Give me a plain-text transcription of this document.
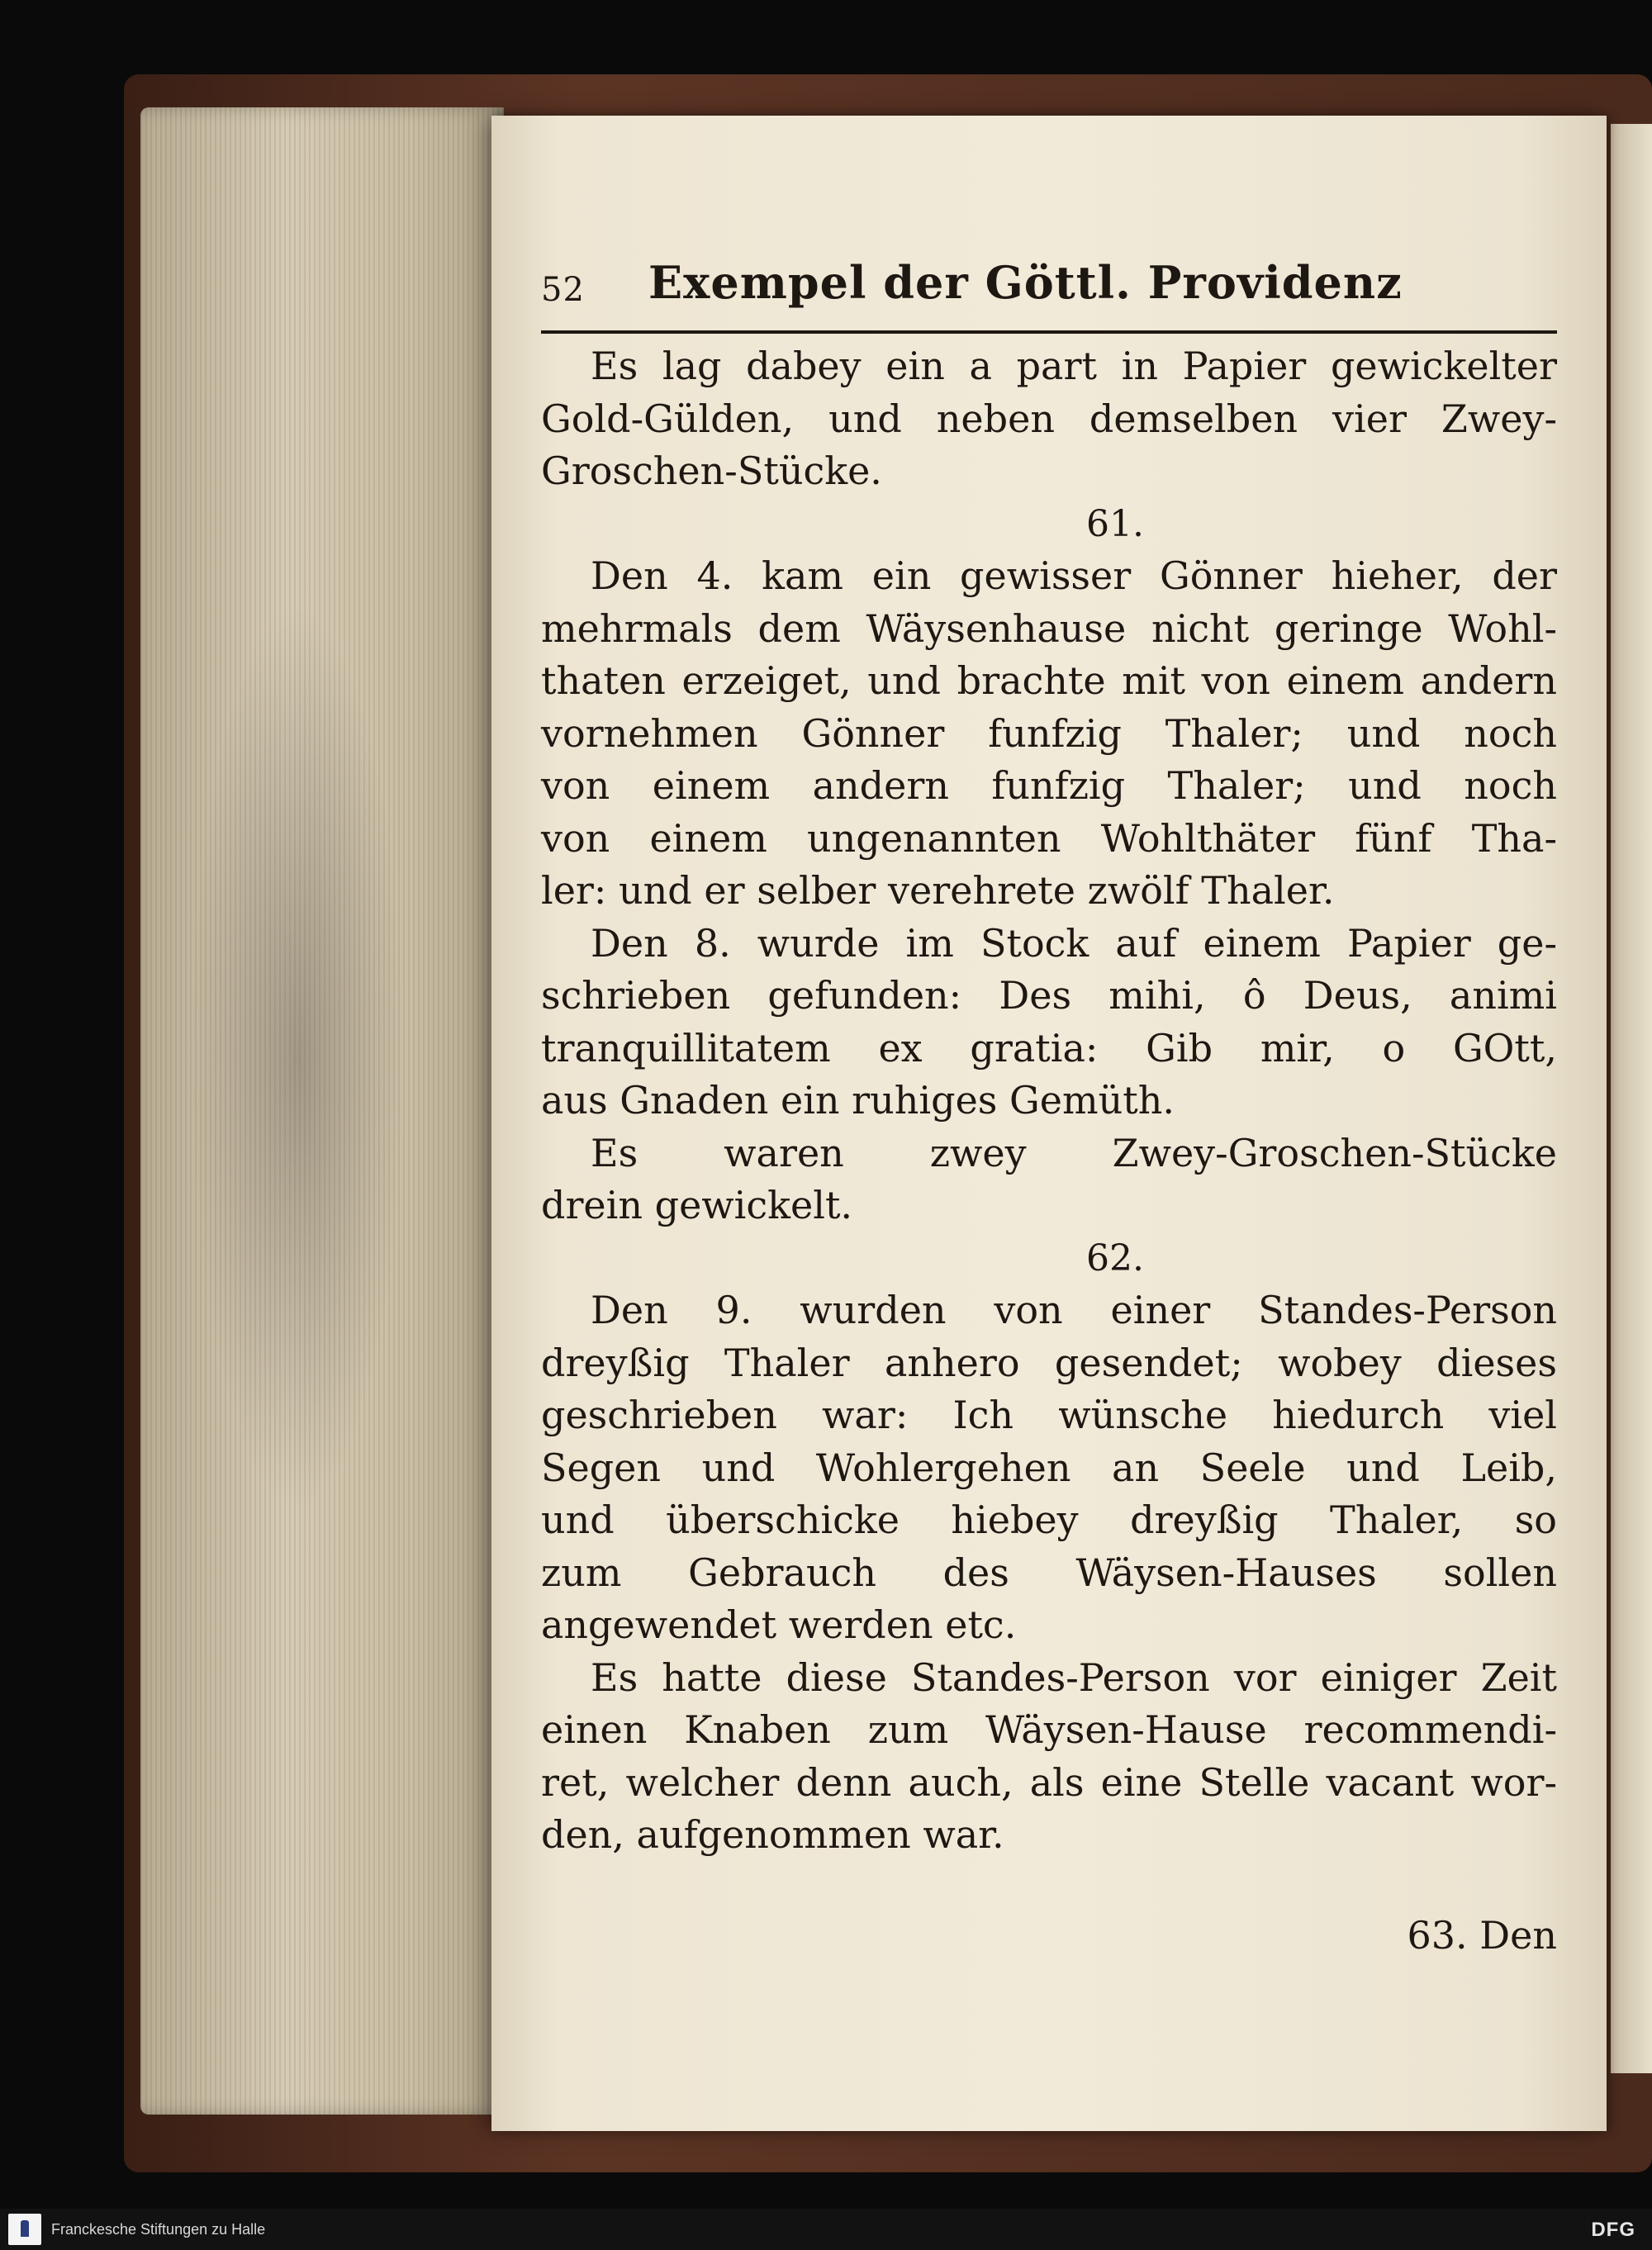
52 Exempel der Göttl. Providenz
Es lag dabey ein a part in Papier gewickelter
Gold-Gülden, und neben demselben vier Zwey-
Groschen-Stücke.
61.
Den 4. kam ein gewisser Gönner hieher, der
mehrmals dem Wäysenhause nicht geringe Wohl-
thaten erzeiget, und brachte mit von einem andern
vornehmen Gönner funfzig Thaler; und noch
von einem andern funfzig Thaler; und noch
von einem ungenannten Wohlthäter fünf Tha-
ler: und er selber verehrete zwölf Thaler.
Den 8. wurde im Stock auf einem Papier ge-
schrieben gefunden: Des mihi, ô Deus, animi
tranquillitatem ex gratia: Gib mir, o GOtt,
aus Gnaden ein ruhiges Gemüth.
Es waren zwey Zwey-Groschen-Stücke
drein gewickelt.
62.
Den 9. wurden von einer Standes-Person
dreyßig Thaler anhero gesendet; wobey dieses
geschrieben war: Ich wünsche hiedurch viel
Segen und Wohlergehen an Seele und Leib,
und überschicke hiebey dreyßig Thaler, so
zum Gebrauch des Wäysen-Hauses sollen
angewendet werden etc.
Es hatte diese Standes-Person vor einiger Zeit
einen Knaben zum Wäysen-Hause recommendi-
ret, welcher denn auch, als eine Stelle vacant wor-
den, aufgenommen war.
63. Den
Franckesche Stiftungen zu Halle	DFG
